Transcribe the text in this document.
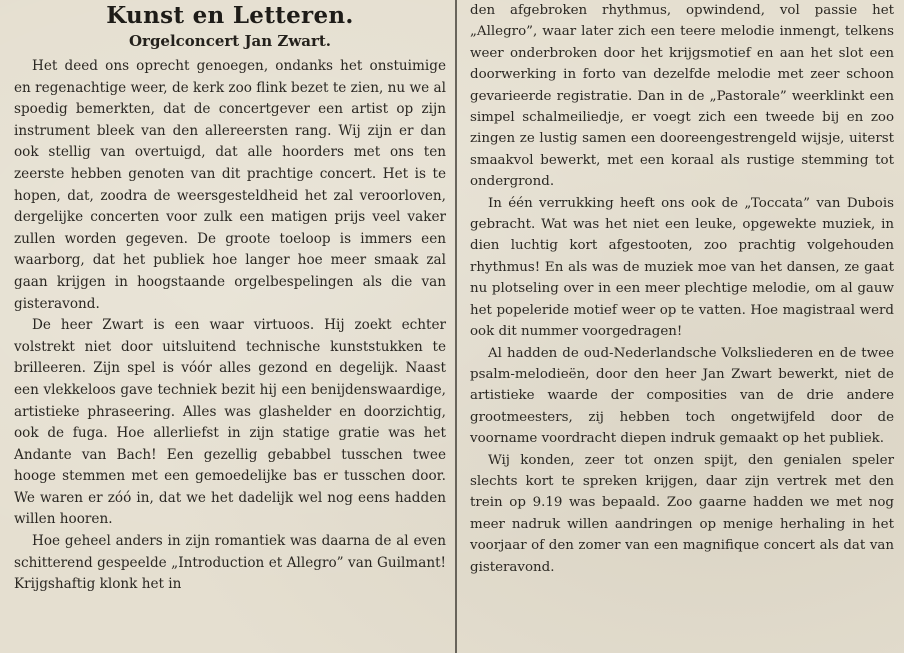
Kunst en Letteren.
Orgelconcert Jan Zwart.

Het deed ons oprecht genoegen, ondanks het onstuimige en regenachtige weer, de kerk zoo flink bezet te zien, nu we al spoedig bemerkten, dat de concertgever een artist op zijn instrument bleek van den allereersten rang. Wij zijn er dan ook stellig van overtuigd, dat alle hoorders met ons ten zeerste hebben genoten van dit prachtige concert. Het is te hopen, dat, zoodra de weersgesteldheid het zal veroorloven, dergelijke concerten voor zulk een matigen prijs veel vaker zullen worden gegeven. De groote toeloop is immers een waarborg, dat het publiek hoe langer hoe meer smaak zal gaan krijgen in hoogstaande orgelbespelingen als die van gisteravond.

De heer Zwart is een waar virtuoos. Hij zoekt echter volstrekt niet door uitsluitend technische kunststukken te brilleeren. Zijn spel is vóór alles gezond en degelijk. Naast een vlekkeloos gave techniek bezit hij een benijdenswaardige, artistieke phraseering. Alles was glashelder en doorzichtig, ook de fuga. Hoe allerliefst in zijn statige gratie was het Andante van Bach! Een gezellig gebabbel tusschen twee hooge stemmen met een gemoedelijke bas er tusschen door. We waren er zóó in, dat we het dadelijk wel nog eens hadden willen hooren.

Hoe geheel anders in zijn romantiek was daarna de al even schitterend gespeelde „Introduction et Allegro” van Guilmant! Krijgshaftig klonk het in

den afgebroken rhythmus, opwindend, vol passie het „Allegro”, waar later zich een teere melodie inmengt, telkens weer onderbroken door het krijgsmotief en aan het slot een doorwerking in forto van dezelfde melodie met zeer schoon gevarieerde registratie. Dan in de „Pastorale” weerklinkt een simpel schalmeiliedje, er voegt zich een tweede bij en zoo zingen ze lustig samen een dooreengestrengeld wijsje, uiterst smaakvol bewerkt, met een koraal als rustige stemming tot ondergrond.

In één verrukking heeft ons ook de „Toccata” van Dubois gebracht. Wat was het niet een leuke, opgewekte muziek, in dien luchtig kort afgestooten, zoo prachtig volgehouden rhythmus! En als was de muziek moe van het dansen, ze gaat nu plotseling over in een meer plechtige melodie, om al gauw het popeleride motief weer op te vatten. Hoe magistraal werd ook dit nummer voorgedragen!

Al hadden de oud-Nederlandsche Volksliederen en de twee psalm-melodieën, door den heer Jan Zwart bewerkt, niet de artistieke waarde der composities van de drie andere grootmeesters, zij hebben toch ongetwijfeld door de voorname voordracht diepen indruk gemaakt op het publiek.

Wij konden, zeer tot onzen spijt, den genialen speler slechts kort te spreken krijgen, daar zijn vertrek met den trein op 9.19 was bepaald. Zoo gaarne hadden we met nog meer nadruk willen aandringen op menige herhaling in het voorjaar of den zomer van een magnifique concert als dat van gisteravond.
